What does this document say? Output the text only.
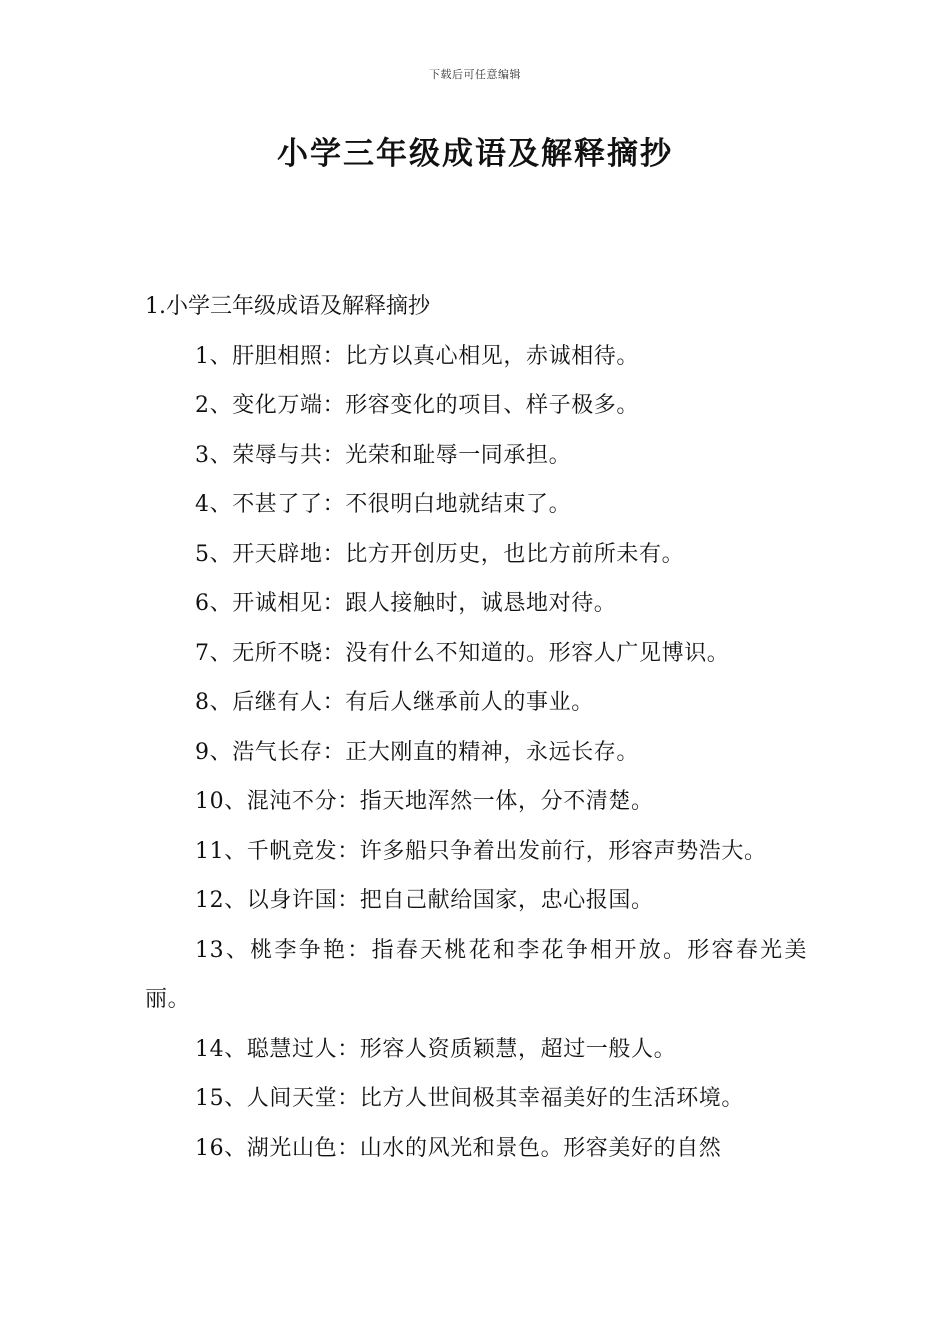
下载后可任意编辑
小学三年级成语及解释摘抄

1.小学三年级成语及解释摘抄

1、肝胆相照：比方以真心相见，赤诚相待。

2、变化万端：形容变化的项目、样子极多。

3、荣辱与共：光荣和耻辱一同承担。

4、不甚了了：不很明白地就结束了。

5、开天辟地：比方开创历史，也比方前所未有。

6、开诚相见：跟人接触时，诚恳地对待。

7、无所不晓：没有什么不知道的。形容人广见博识。

8、后继有人：有后人继承前人的事业。

9、浩气长存：正大刚直的精神，永远长存。

10、混沌不分：指天地浑然一体，分不清楚。

11、千帆竞发：许多船只争着出发前行，形容声势浩大。

12、以身许国：把自己献给国家，忠心报国。

13、桃李争艳：指春天桃花和李花争相开放。形容春光美丽。

14、聪慧过人：形容人资质颖慧，超过一般人。

15、人间天堂：比方人世间极其幸福美好的生活环境。

16、湖光山色：山水的风光和景色。形容美好的自然
